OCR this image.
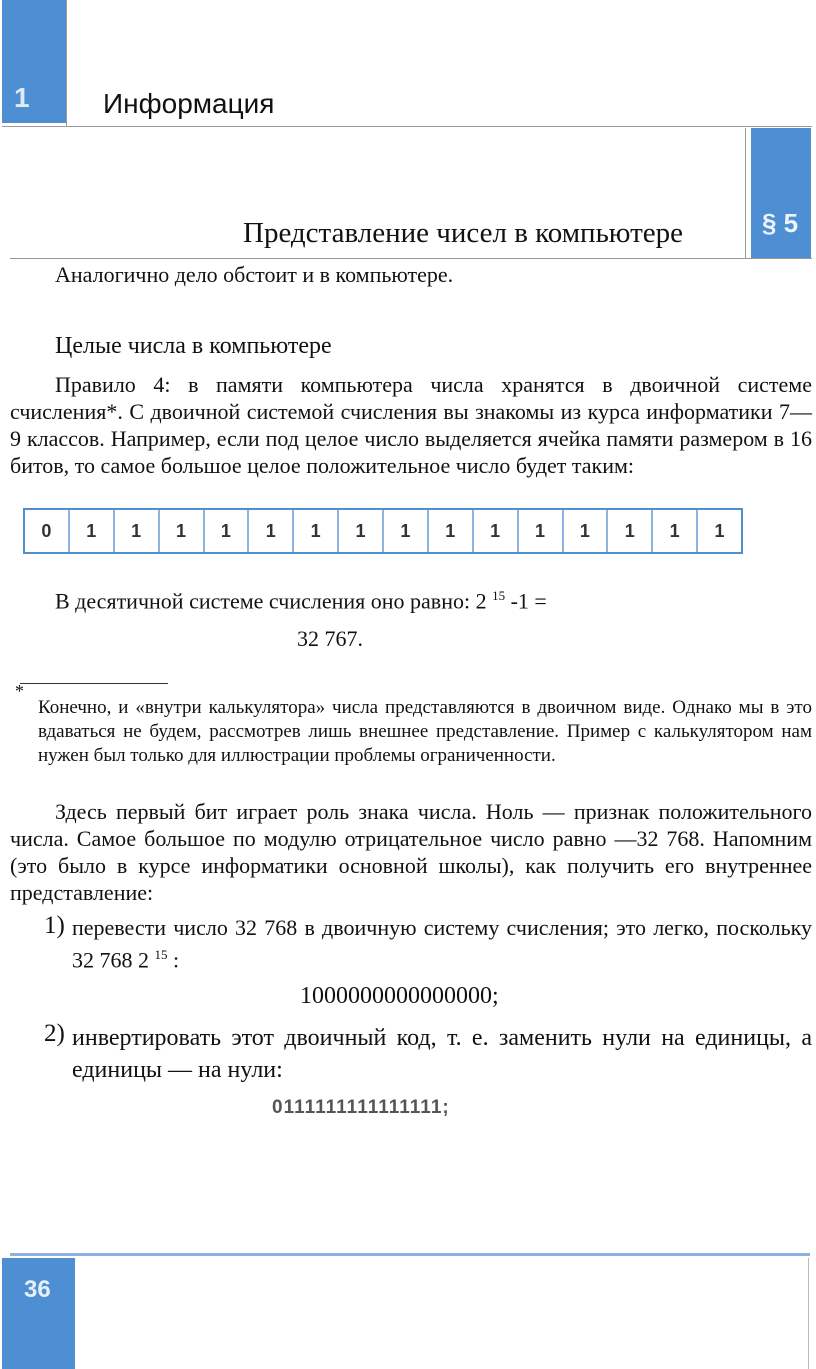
1	Информация
§ 5
Представление чисел в компьютере
Аналогично дело обстоит и в компьютере.
Целые числа в компьютере
Правило 4: в памяти компьютера числа хранятся в двоичной системе счисления*. С двоичной системой счисления вы знакомы из курса информатики 7—9 классов. Например, если под целое число выделяется ячейка памяти размером в 16 битов, то самое большое целое положительное число будет таким:
0	1	1	1	1	1	1	1	1	1	1	1	1	1	1	1
В десятичной системе счисления оно равно: 2 $^{15}$ -1 =
32 767.
*
Конечно, и «внутри калькулятора» числа представляются в двоичном виде. Однако мы в это вдаваться не будем, рассмотрев лишь внешнее представление. Пример с калькулятором нам нужен был только для иллюстрации проблемы ограниченности.
Здесь первый бит играет роль знака числа. Ноль — признак положительного числа. Самое большое по модулю отрицательное число равно —32 768. Напомним (это было в курсе информатики основной школы), как получить его внутреннее представление:
1) перевести число 32 768 в двоичную систему счисления; это легко, поскольку 32 768 2 $^{15}$ :
1000000000000000;
2) инвертировать этот двоичный код, т. е. заменить нули на единицы, а единицы — на нули:
0111111111111111;
36
